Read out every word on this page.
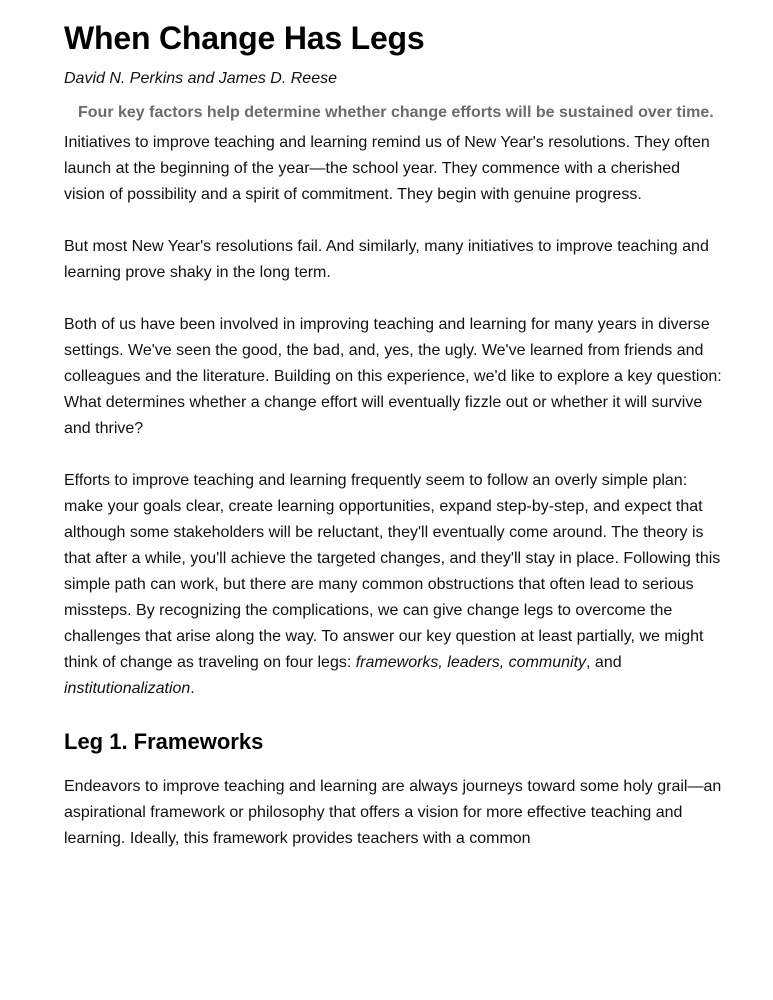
When Change Has Legs
David N. Perkins and James D. Reese
Four key factors help determine whether change efforts will be sustained over time.

Initiatives to improve teaching and learning remind us of New Year's resolutions. They often launch at the beginning of the year—the school year. They commence with a cherished vision of possibility and a spirit of commitment. They begin with genuine progress.

But most New Year's resolutions fail. And similarly, many initiatives to improve teaching and learning prove shaky in the long term.

Both of us have been involved in improving teaching and learning for many years in diverse settings. We've seen the good, the bad, and, yes, the ugly. We've learned from friends and colleagues and the literature. Building on this experience, we'd like to explore a key question: What determines whether a change effort will eventually fizzle out or whether it will survive and thrive?

Efforts to improve teaching and learning frequently seem to follow an overly simple plan: make your goals clear, create learning opportunities, expand step-by-step, and expect that although some stakeholders will be reluctant, they'll eventually come around. The theory is that after a while, you'll achieve the targeted changes, and they'll stay in place. Following this simple path can work, but there are many common obstructions that often lead to serious missteps. By recognizing the complications, we can give change legs to overcome the challenges that arise along the way. To answer our key question at least partially, we might think of change as traveling on four legs: frameworks, leaders, community, and institutionalization.

Leg 1. Frameworks

Endeavors to improve teaching and learning are always journeys toward some holy grail—an aspirational framework or philosophy that offers a vision for more effective teaching and learning. Ideally, this framework provides teachers with a common
